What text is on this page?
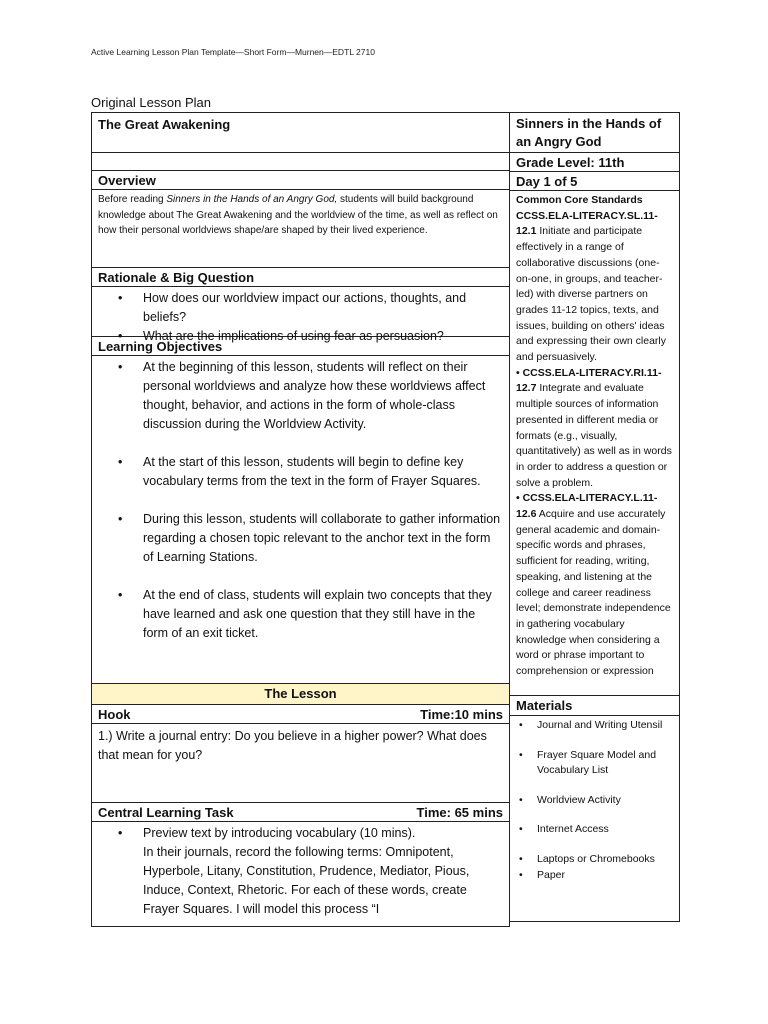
Active Learning Lesson Plan Template—Short Form—Murnen—EDTL 2710
Original Lesson Plan
The Great Awakening
Overview
Before reading Sinners in the Hands of an Angry God, students will build background knowledge about The Great Awakening and the worldview of the time, as well as reflect on how their personal worldviews shape/are shaped by their lived experience.
Rationale & Big Question
• How does our worldview impact our actions, thoughts, and beliefs?
• What are the implications of using fear as persuasion?
Learning Objectives
• At the beginning of this lesson, students will reflect on their personal worldviews and analyze how these worldviews affect thought, behavior, and actions in the form of whole-class discussion during the Worldview Activity.
• At the start of this lesson, students will begin to define key vocabulary terms from the text in the form of Frayer Squares.
• During this lesson, students will collaborate to gather information regarding a chosen topic relevant to the anchor text in the form of Learning Stations.
• At the end of class, students will explain two concepts that they have learned and ask one question that they still have in the form of an exit ticket.
The Lesson
Hook	Time:10 mins
1.) Write a journal entry: Do you believe in a higher power? What does that mean for you?
Central Learning Task	Time: 65 mins
• Preview text by introducing vocabulary (10 mins).
In their journals, record the following terms: Omnipotent, Hyperbole, Litany, Constitution, Prudence, Mediator, Pious, Induce, Context, Rhetoric. For each of these words, create Frayer Squares. I will model this process “I
Sinners in the Hands of an Angry God
Grade Level: 11th
Day 1 of 5
Common Core Standards
CCSS.ELA-LITERACY.SL.11-12.1 Initiate and participate effectively in a range of collaborative discussions (one-on-one, in groups, and teacher-led) with diverse partners on grades 11-12 topics, texts, and issues, building on others' ideas and expressing their own clearly and persuasively.
• CCSS.ELA-LITERACY.RI.11-12.7 Integrate and evaluate multiple sources of information presented in different media or formats (e.g., visually, quantitatively) as well as in words in order to address a question or solve a problem.
• CCSS.ELA-LITERACY.L.11-12.6 Acquire and use accurately general academic and domain-specific words and phrases, sufficient for reading, writing, speaking, and listening at the college and career readiness level; demonstrate independence in gathering vocabulary knowledge when considering a word or phrase important to comprehension or expression
Materials
• Journal and Writing Utensil
• Frayer Square Model and Vocabulary List
• Worldview Activity
• Internet Access
• Laptops or Chromebooks
• Paper
